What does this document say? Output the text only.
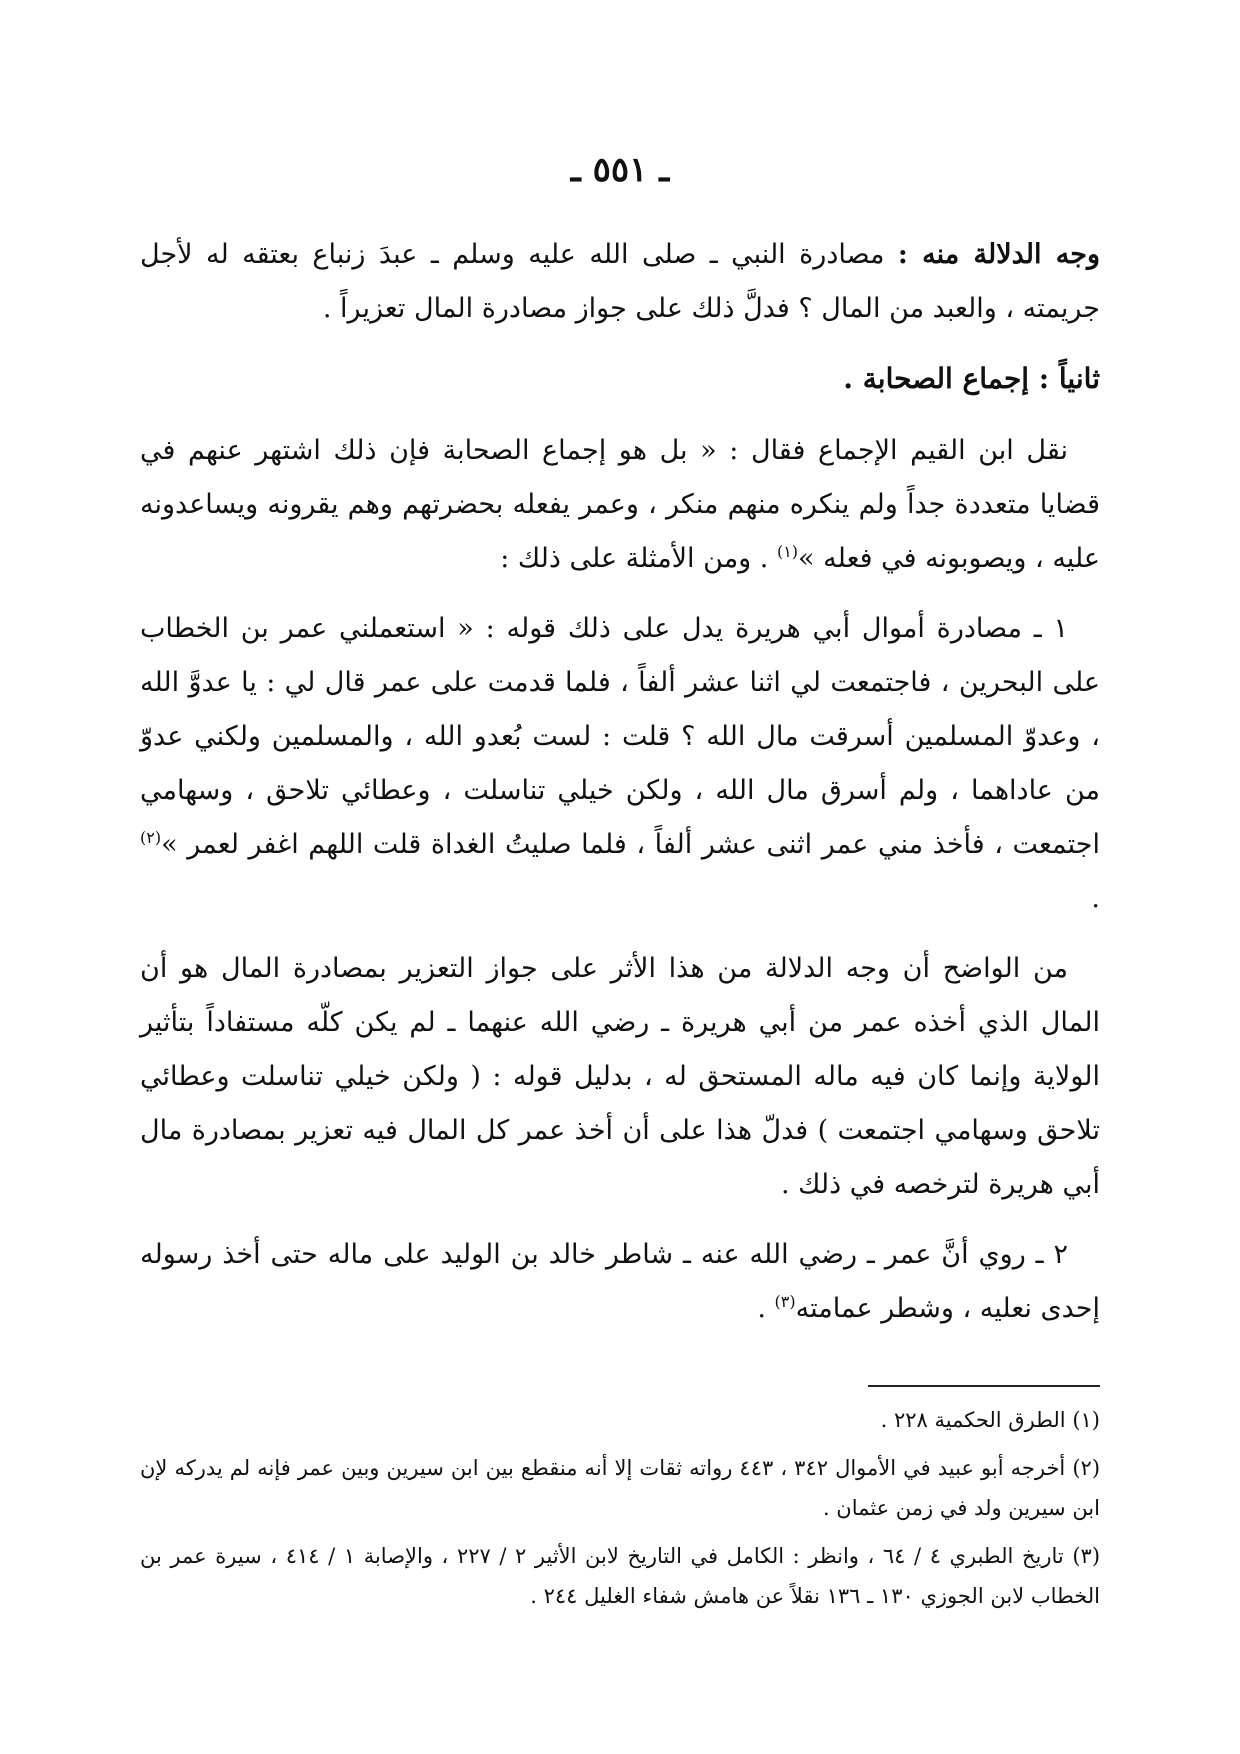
ـ ٥٥١ ـ

وجه الدلالة منه : مصادرة النبي ـ صلى الله عليه وسلم ـ عبدَ زنباع بعتقه له لأجل جريمته ، والعبد من المال ؟ فدلَّ ذلك على جواز مصادرة المال تعزيراً .

ثانياً : إجماع الصحابة .

نقل ابن القيم الإجماع فقال : « بل هو إجماع الصحابة فإن ذلك اشتهر عنهم في قضايا متعددة جداً ولم ينكره منهم منكر ، وعمر يفعله بحضرتهم وهم يقرونه ويساعدونه عليه ، ويصوبونه في فعله »$^{(١)}$ . ومن الأمثلة على ذلك :

١ ـ مصادرة أموال أبي هريرة يدل على ذلك قوله : « استعملني عمر بن الخطاب على البحرين ، فاجتمعت لي اثنا عشر ألفاً ، فلما قدمت على عمر قال لي : يا عدوَّ الله ، وعدوّ المسلمين أسرقت مال الله ؟ قلت : لست بُعدو الله ، والمسلمين ولكني عدوّ من عاداهما ، ولم أسرق مال الله ، ولكن خيلي تناسلت ، وعطائي تلاحق ، وسهامي اجتمعت ، فأخذ مني عمر اثنى عشر ألفاً ، فلما صليتُ الغداة قلت اللهم اغفر لعمر »$^{(٢)}$ .

من الواضح أن وجه الدلالة من هذا الأثر على جواز التعزير بمصادرة المال هو أن المال الذي أخذه عمر من أبي هريرة ـ رضي الله عنهما ـ لم يكن كلّه مستفاداً بتأثير الولاية وإنما كان فيه ماله المستحق له ، بدليل قوله : ( ولكن خيلي تناسلت وعطائي تلاحق وسهامي اجتمعت ) فدلّ هذا على أن أخذ عمر كل المال فيه تعزير بمصادرة مال أبي هريرة لترخصه في ذلك .

٢ ـ روي أنَّ عمر ـ رضي الله عنه ـ شاطر خالد بن الوليد على ماله حتى أخذ رسوله إحدى نعليه ، وشطر عمامته$^{(٣)}$ .

(١) الطرق الحكمية ٢٢٨ .

(٢) أخرجه أبو عبيد في الأموال ٣٤٢ ، ٤٤٣ رواته ثقات إلا أنه منقطع بين ابن سيرين وبين عمر فإنه لم يدركه لإن ابن سيرين ولد في زمن عثمان .

(٣) تاريخ الطبري ٤ / ٦٤ ، وانظر : الكامل في التاريخ لابن الأثير ٢ / ٢٢٧ ، والإصابة ١ / ٤١٤ ، سيرة عمر بن الخطاب لابن الجوزي ١٣٠ ـ ١٣٦ نقلاً عن هامش شفاء الغليل ٢٤٤ .
